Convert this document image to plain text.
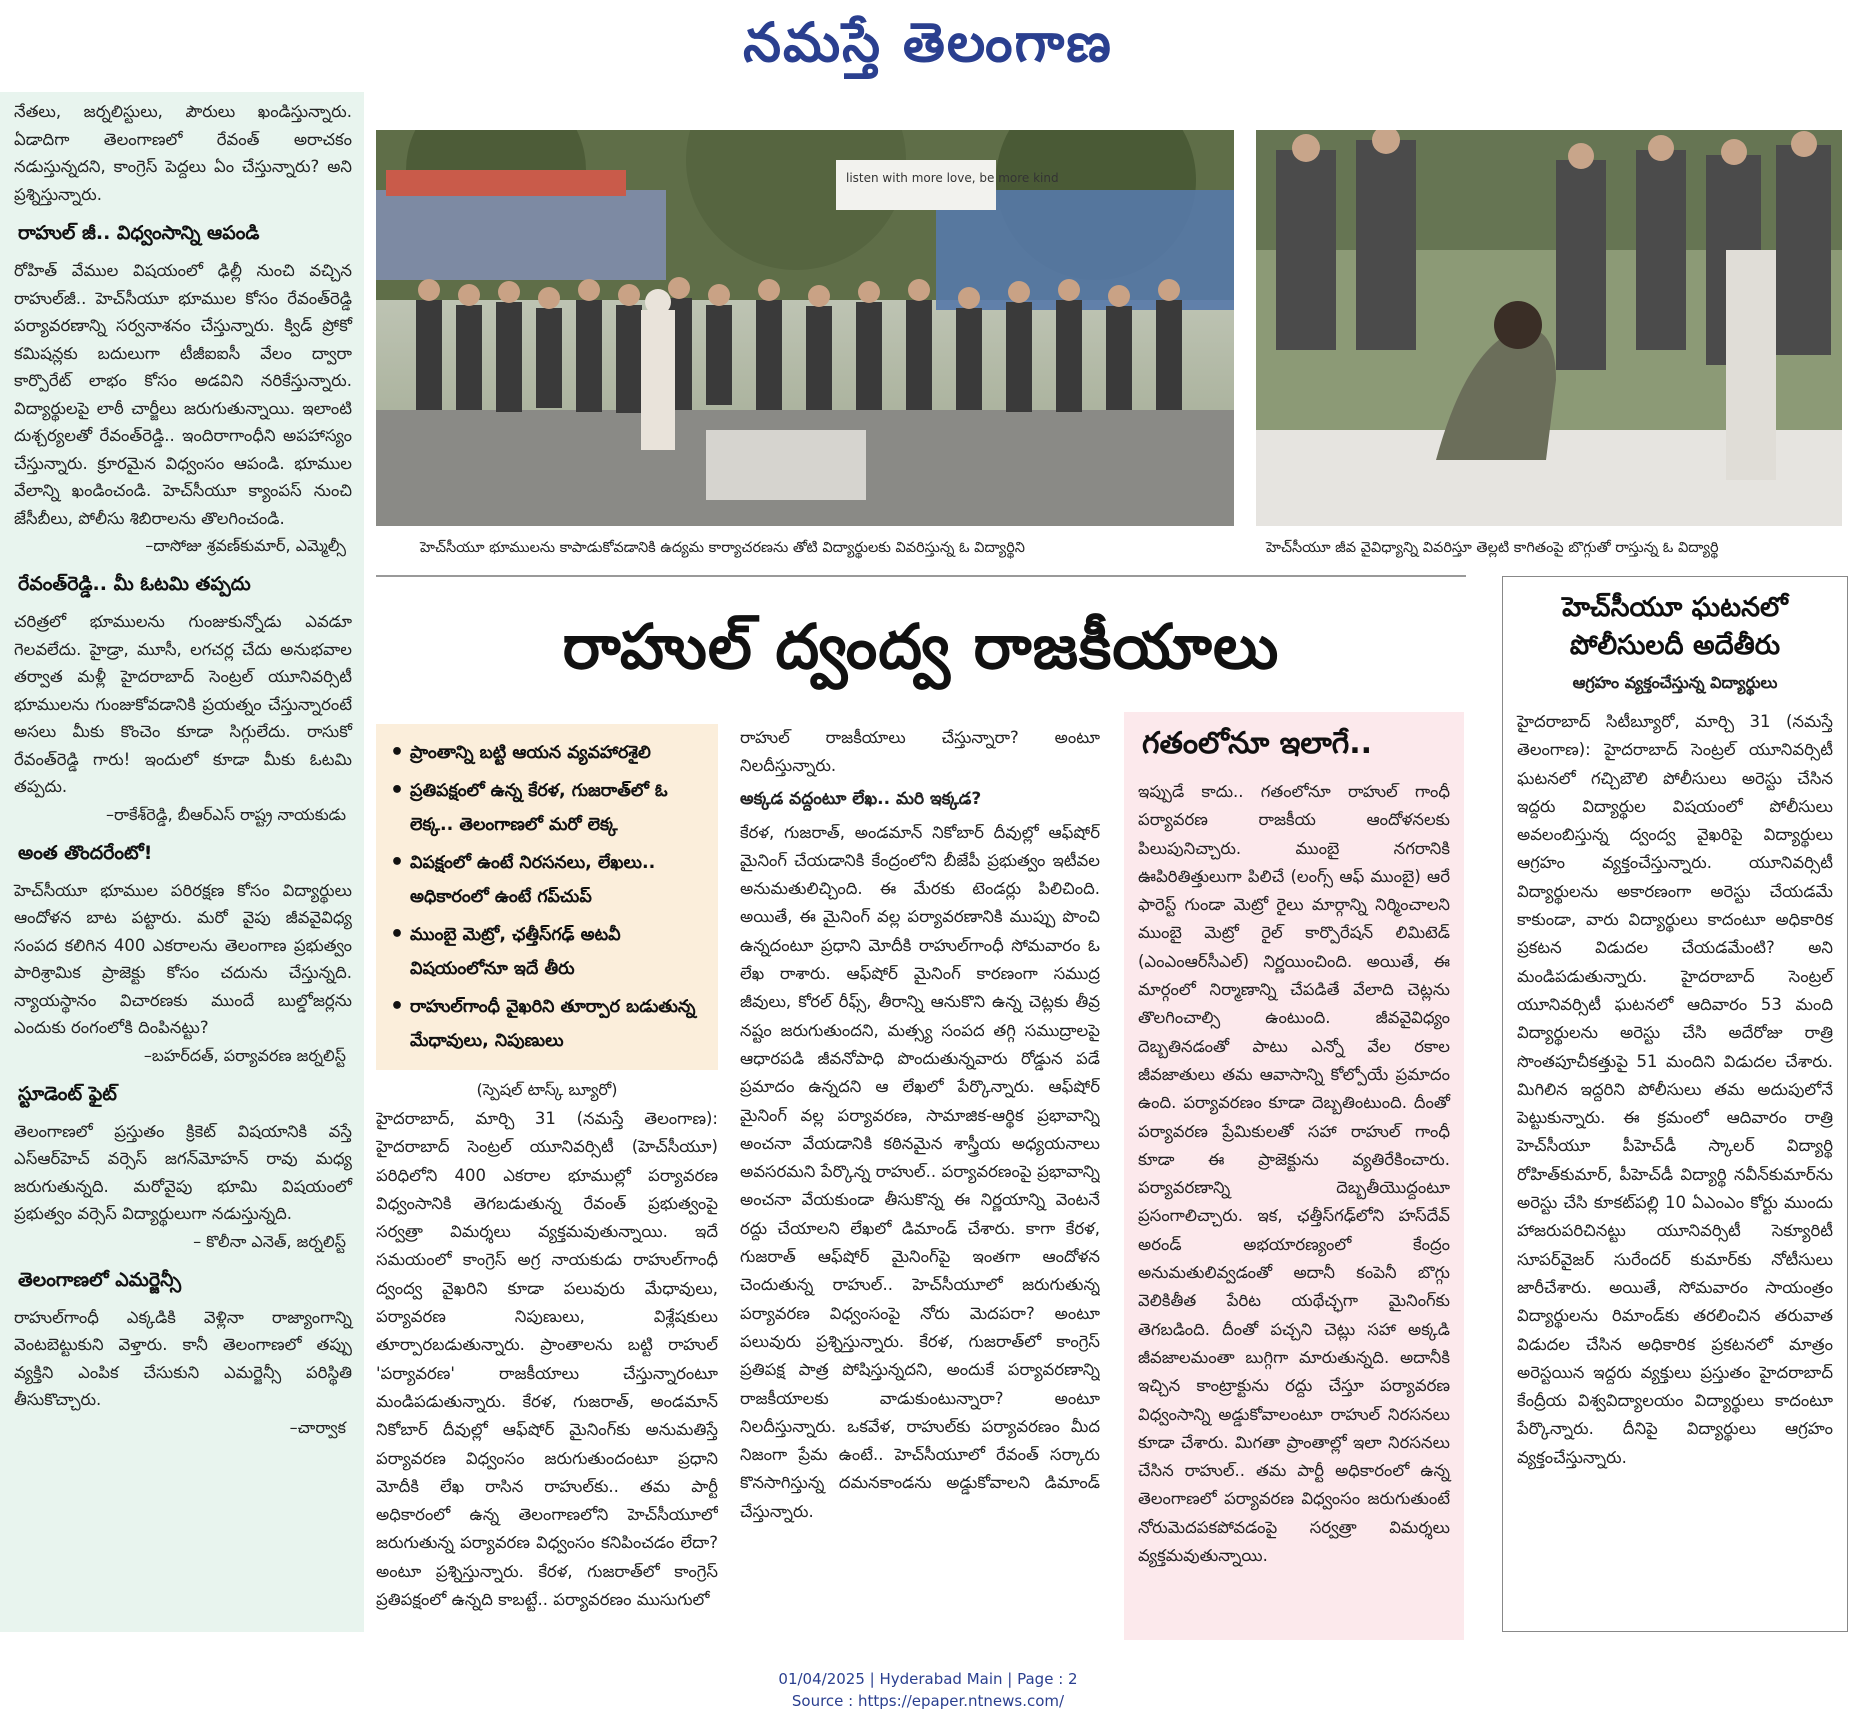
నమస్తే తెలంగాణ
నేతలు, జర్నలిస్టులు, పౌరులు ఖండిస్తున్నారు. ఏడాదిగా తెలంగాణలో రేవంత్ అరాచకం నడుస్తున్నదని, కాంగ్రెస్ పెద్దలు ఏం చేస్తున్నారు? అని ప్రశ్నిస్తున్నారు.
రాహుల్ జీ.. విధ్వంసాన్ని ఆపండి
రోహిత్ వేముల విషయంలో ఢిల్లీ నుంచి వచ్చిన రాహుల్‌జీ.. హెచ్‌సీయూ భూముల కోసం రేవంత్‌రెడ్డి పర్యావరణాన్ని సర్వనాశనం చేస్తున్నారు. క్విడ్ ప్రోకో కమిషన్లకు బదులుగా టీజీఐఐసీ వేలం ద్వారా కార్పొరేట్ లాభం కోసం అడవిని నరికేస్తున్నారు. విద్యార్థులపై లాఠీ చార్జీలు జరుగుతున్నాయి. ఇలాంటి దుశ్చర్యలతో రేవంత్‌రెడ్డి.. ఇందిరాగాంధీని అపహాస్యం చేస్తున్నారు. క్రూరమైన విధ్వంసం ఆపండి. భూముల వేలాన్ని ఖండించండి. హెచ్‌సీయూ క్యాంపస్ నుంచి జేసీబీలు, పోలీసు శిబిరాలను తొలగించండి.
–దాసోజు శ్రవణ్‌కుమార్, ఎమ్మెల్సీ
రేవంత్‌రెడ్డి.. మీ ఓటమి తప్పదు
చరిత్రలో భూములను గుంజుకున్నోడు ఎవడూ గెలవలేదు. హైడ్రా, మూసీ, లగచర్ల చేదు అనుభవాల తర్వాత మళ్లీ హైదరాబాద్ సెంట్రల్ యూనివర్సిటీ భూములను గుంజుకోవడానికి ప్రయత్నం చేస్తున్నారంటే అసలు మీకు కొంచెం కూడా సిగ్గులేదు. రాసుకో రేవంత్‌రెడ్డి గారు! ఇందులో కూడా మీకు ఓటమి తప్పదు.
–రాకేశ్‌రెడ్డి, బీఆర్‌ఎస్ రాష్ట్ర నాయకుడు
అంత తొందరేంటో!
హెచ్‌సీయూ భూముల పరిరక్షణ కోసం విద్యార్థులు ఆందోళన బాట పట్టారు. మరో వైపు జీవవైవిధ్య సంపద కలిగిన 400 ఎకరాలను తెలంగాణ ప్రభుత్వం పారిశ్రామిక ప్రాజెక్టు కోసం చదును చేస్తున్నది. న్యాయస్థానం విచారణకు ముందే బుల్డోజర్లను ఎందుకు రంగంలోకి దింపినట్టు?
–బహర్‌దత్, పర్యావరణ జర్నలిస్ట్
స్టూడెంట్ ఫైట్
తెలంగాణలో ప్రస్తుతం క్రికెట్ విషయానికి వస్తే ఎస్‌ఆర్‌హెచ్ వర్సెస్ జగన్‌మోహన్ రావు మధ్య జరుగుతున్నది. మరోవైపు భూమి విషయంలో ప్రభుత్వం వర్సెస్ విద్యార్థులుగా నడుస్తున్నది.
– కొలీనా ఎనెత్, జర్నలిస్ట్
తెలంగాణలో ఎమర్జెన్సీ
రాహుల్‌గాంధీ ఎక్కడికి వెళ్లినా రాజ్యాంగాన్ని వెంటబెట్టుకుని వెళ్తారు. కానీ తెలంగాణలో తప్పు వ్యక్తిని ఎంపిక చేసుకుని ఎమర్జెన్సీ పరిస్థితి తీసుకొచ్చారు.
–చార్వాక
listen with more love, be more kind
హెచ్‌సీయూ భూములను కాపాడుకోవడానికి ఉద్యమ కార్యాచరణను తోటి విద్యార్థులకు వివరిస్తున్న ఓ విద్యార్థిని	హెచ్‌సీయూ జీవ వైవిధ్యాన్ని వివరిస్తూ తెల్లటి కాగితంపై బొగ్గుతో రాస్తున్న ఓ విద్యార్థి
రాహుల్ ద్వంద్వ రాజకీయాలు
• ప్రాంతాన్ని బట్టి ఆయన వ్యవహారశైలి
• ప్రతిపక్షంలో ఉన్న కేరళ, గుజరాత్‌లో ఓ లెక్క.. తెలంగాణలో మరో లెక్క
• విపక్షంలో ఉంటే నిరసనలు, లేఖలు.. అధికారంలో ఉంటే గప్‌చుప్
• ముంబై మెట్రో, ఛత్తీస్‌గఢ్ అటవీ విషయంలోనూ ఇదే తీరు
• రాహుల్‌గాంధీ వైఖరిని తూర్పార బడుతున్న మేధావులు, నిపుణులు
(స్పెషల్ టాస్క్ బ్యూరో)
హైదరాబాద్, మార్చి 31 (నమస్తే తెలంగాణ): హైదరాబాద్ సెంట్రల్ యూనివర్సిటీ (హెచ్‌సీయూ) పరిధిలోని 400 ఎకరాల భూముల్లో పర్యావరణ విధ్వంసానికి తెగబడుతున్న రేవంత్ ప్రభుత్వంపై సర్వత్రా విమర్శలు వ్యక్తమవుతున్నాయి. ఇదే సమయంలో కాంగ్రెస్ అగ్ర నాయకుడు రాహుల్‌గాంధీ ద్వంద్వ వైఖరిని కూడా పలువురు మేధావులు, పర్యావరణ నిపుణులు, విశ్లేషకులు తూర్పారబడుతున్నారు. ప్రాంతాలను బట్టి రాహుల్ 'పర్యావరణ' రాజకీయాలు చేస్తున్నారంటూ మండిపడుతున్నారు. కేరళ, గుజరాత్, అండమాన్ నికోబార్ దీవుల్లో ఆఫ్‌షోర్ మైనింగ్‌కు అనుమతిస్తే పర్యావరణ విధ్వంసం జరుగుతుందంటూ ప్రధాని మోదీకి లేఖ రాసిన రాహుల్‌కు.. తమ పార్టీ అధికారంలో ఉన్న తెలంగాణలోని హెచ్‌సీయూలో జరుగుతున్న పర్యావరణ విధ్వంసం కనిపించడం లేదా? అంటూ ప్రశ్నిస్తున్నారు. కేరళ, గుజరాత్‌లో కాంగ్రెస్ ప్రతిపక్షంలో ఉన్నది కాబట్టే.. పర్యావరణం ముసుగులో
రాహుల్ రాజకీయాలు చేస్తున్నారా? అంటూ నిలదీస్తున్నారు.
అక్కడ వద్దంటూ లేఖ.. మరి ఇక్కడ?
కేరళ, గుజరాత్, అండమాన్ నికోబార్ దీవుల్లో ఆఫ్‌షోర్ మైనింగ్ చేయడానికి కేంద్రంలోని బీజేపీ ప్రభుత్వం ఇటీవల అనుమతులిచ్చింది. ఈ మేరకు టెండర్లు పిలిచింది. అయితే, ఈ మైనింగ్ వల్ల పర్యావరణానికి ముప్పు పొంచి ఉన్నదంటూ ప్రధాని మోదీకి రాహుల్‌గాంధీ సోమవారం ఓ లేఖ రాశారు. ఆఫ్‌షోర్ మైనింగ్ కారణంగా సముద్ర జీవులు, కోరల్ రీఫ్స్, తీరాన్ని ఆనుకొని ఉన్న చెట్లకు తీవ్ర నష్టం జరుగుతుందని, మత్స్య సంపద తగ్గి సముద్రాలపై ఆధారపడి జీవనోపాధి పొందుతున్నవారు రోడ్డున పడే ప్రమాదం ఉన్నదని ఆ లేఖలో పేర్కొన్నారు. ఆఫ్‌షోర్ మైనింగ్ వల్ల పర్యావరణ, సామాజిక-ఆర్థిక ప్రభావాన్ని అంచనా వేయడానికి కఠినమైన శాస్త్రీయ అధ్యయనాలు అవసరమని పేర్కొన్న రాహుల్.. పర్యావరణంపై ప్రభావాన్ని అంచనా వేయకుండా తీసుకొన్న ఈ నిర్ణయాన్ని వెంటనే రద్దు చేయాలని లేఖలో డిమాండ్ చేశారు. కాగా కేరళ, గుజరాత్ ఆఫ్‌షోర్ మైనింగ్‌పై ఇంతగా ఆందోళన చెందుతున్న రాహుల్.. హెచ్‌సీయూలో జరుగుతున్న పర్యావరణ విధ్వంసంపై నోరు మెదపరా? అంటూ పలువురు ప్రశ్నిస్తున్నారు. కేరళ, గుజరాత్‌లో కాంగ్రెస్ ప్రతిపక్ష పాత్ర పోషిస్తున్నదని, అందుకే పర్యావరణాన్ని రాజకీయాలకు వాడుకుంటున్నారా? అంటూ నిలదీస్తున్నారు. ఒకవేళ, రాహుల్‌కు పర్యావరణం మీద నిజంగా ప్రేమ ఉంటే.. హెచ్‌సీయూలో రేవంత్ సర్కారు కొనసాగిస్తున్న దమనకాండను అడ్డుకోవాలని డిమాండ్ చేస్తున్నారు.
గతంలోనూ ఇలాగే..
ఇప్పుడే కాదు.. గతంలోనూ రాహుల్ గాంధీ పర్యావరణ రాజకీయ ఆందోళనలకు పిలుపునిచ్చారు. ముంబై నగరానికి ఊపిరితిత్తులుగా పిలిచే (లంగ్స్ ఆఫ్ ముంబై) ఆరే ఫారెస్ట్ గుండా మెట్రో రైలు మార్గాన్ని నిర్మించాలని ముంబై మెట్రో రైల్ కార్పొరేషన్ లిమిటెడ్ (ఎంఎంఆర్‌సీఎల్) నిర్ణయించింది. అయితే, ఈ మార్గంలో నిర్మాణాన్ని చేపడితే వేలాది చెట్లను తొలగించాల్సి ఉంటుంది. జీవవైవిధ్యం దెబ్బతినడంతో పాటు ఎన్నో వేల రకాల జీవజాతులు తమ ఆవాసాన్ని కోల్పోయే ప్రమాదం ఉంది. పర్యావరణం కూడా దెబ్బతింటుంది. దీంతో పర్యావరణ ప్రేమికులతో సహా రాహుల్ గాంధీ కూడా ఈ ప్రాజెక్టును వ్యతిరేకించారు. పర్యావరణాన్ని దెబ్బతీయొద్దంటూ ప్రసంగాలిచ్చారు. ఇక, ఛత్తీస్‌గఢ్‌లోని హస్‌దేవ్ అరండ్ అభయారణ్యంలో కేంద్రం అనుమతులివ్వడంతో అదానీ కంపెనీ బొగ్గు వెలికితీత పేరిట యథేచ్ఛగా మైనింగ్‌కు తెగబడింది. దీంతో పచ్చని చెట్లు సహా అక్కడి జీవజాలమంతా బుగ్గిగా మారుతున్నది. అదానీకి ఇచ్చిన కాంట్రాక్టును రద్దు చేస్తూ పర్యావరణ విధ్వంసాన్ని అడ్డుకోవాలంటూ రాహుల్ నిరసనలు కూడా చేశారు. మిగతా ప్రాంతాల్లో ఇలా నిరసనలు చేసిన రాహుల్.. తమ పార్టీ అధికారంలో ఉన్న తెలంగాణలో పర్యావరణ విధ్వంసం జరుగుతుంటే నోరుమెదపకపోవడంపై సర్వత్రా విమర్శలు వ్యక్తమవుతున్నాయి.
హెచ్‌సీయూ ఘటనలో పోలీసులదీ అదేతీరు
ఆగ్రహం వ్యక్తంచేస్తున్న విద్యార్థులు
హైదరాబాద్ సిటీబ్యూరో, మార్చి 31 (నమస్తే తెలంగాణ): హైదరాబాద్ సెంట్రల్ యూనివర్సిటీ ఘటనలో గచ్చిబౌలి పోలీసులు అరెస్టు చేసిన ఇద్దరు విద్యార్థుల విషయంలో పోలీసులు అవలంబిస్తున్న ద్వంద్వ వైఖరిపై విద్యార్థులు ఆగ్రహం వ్యక్తంచేస్తున్నారు. యూనివర్సిటీ విద్యార్థులను అకారణంగా అరెస్టు చేయడమే కాకుండా, వారు విద్యార్థులు కాదంటూ అధికారిక ప్రకటన విడుదల చేయడమేంటి? అని మండిపడుతున్నారు. హైదరాబాద్ సెంట్రల్ యూనివర్సిటీ ఘటనలో ఆదివారం 53 మంది విద్యార్థులను అరెస్టు చేసి అదేరోజు రాత్రి సొంతపూచీకత్తుపై 51 మందిని విడుదల చేశారు. మిగిలిన ఇద్దరిని పోలీసులు తమ అదుపులోనే పెట్టుకున్నారు. ఈ క్రమంలో ఆదివారం రాత్రి హెచ్‌సీయూ పీహెచ్‌డీ స్కాలర్ విద్యార్థి రోహిత్‌కుమార్, పీహెచ్‌డీ విద్యార్థి నవీన్‌కుమార్‌ను అరెస్టు చేసి కూకట్‌పల్లి 10 ఏఎంఎం కోర్టు ముందు హాజరుపరిచినట్టు యూనివర్సిటీ సెక్యూరిటీ సూపర్‌వైజర్ సురేందర్ కుమార్‌కు నోటీసులు జారీచేశారు. అయితే, సోమవారం సాయంత్రం విద్యార్థులను రిమాండ్‌కు తరలించిన తరువాత విడుదల చేసిన అధికారిక ప్రకటనలో మాత్రం అరెస్టయిన ఇద్దరు వ్యక్తులు ప్రస్తుతం హైదరాబాద్ కేంద్రీయ విశ్వవిద్యాలయం విద్యార్థులు కాదంటూ పేర్కొన్నారు. దీనిపై విద్యార్థులు ఆగ్రహం వ్యక్తంచేస్తున్నారు.
01/04/2025 | Hyderabad Main | Page : 2
Source : https://epaper.ntnews.com/
